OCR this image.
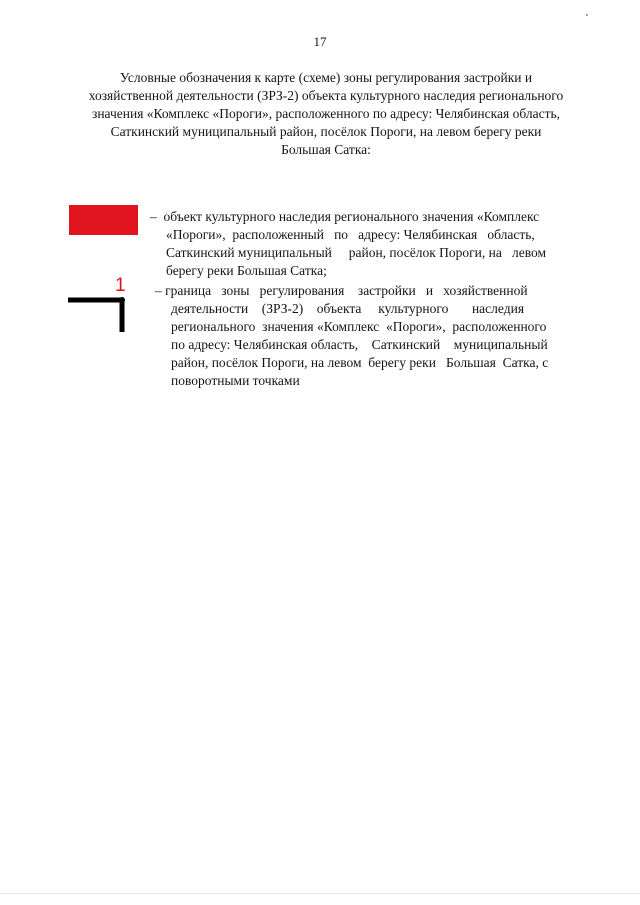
17
Условные обозначения к карте (схеме) зоны регулирования застройки и
хозяйственной деятельности (ЗРЗ-2) объекта культурного наследия регионального
значения «Комплекс «Пороги», расположенного по адресу: Челябинская область,
Саткинский муниципальный район, посёлок Пороги, на левом берегу реки
Большая Сатка:
–  объект культурного наследия регионального значения «Комплекс
«Пороги»,  расположенный   по   адресу: Челябинская   область,
Саткинский муниципальный     район, посёлок Пороги, на   левом
берегу реки Большая Сатка;
1 – граница   зоны   регулирования    застройки   и   хозяйственной
деятельности    (ЗРЗ-2)    объекта     культурного       наследия
регионального  значения «Комплекс  «Пороги»,  расположенного
по адресу: Челябинская область,    Саткинский    муниципальный
район, посёлок Пороги, на левом  берегу реки   Большая  Сатка, с
поворотными точками
